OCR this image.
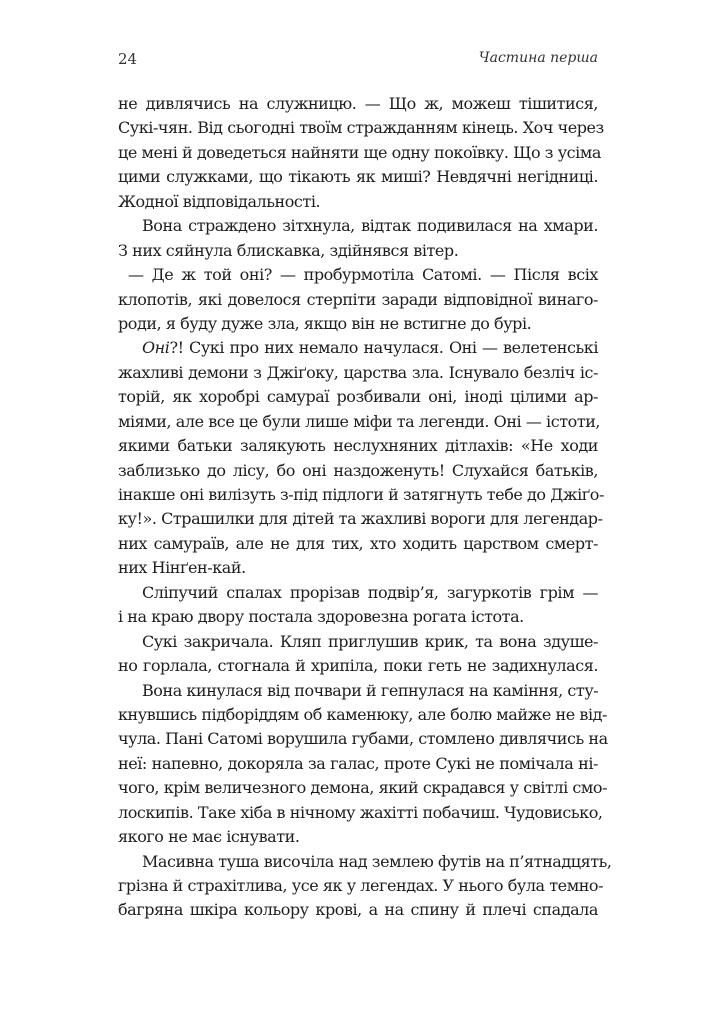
24	Частина перша
не дивлячись на служницю. — Що ж, можеш тішитися,
Сукі-чян. Від сьогодні твоїм стражданням кінець. Хоч через
це мені й доведеться найняти ще одну покоївку. Що з усіма
цими служками, що тікають як миші? Невдячні негідниці.
Жодної відповідальності.
Вона страждено зітхнула, відтак подивилася на хмари.
З них сяйнула блискавка, здійнявся вітер.
— Де ж той оні? — пробурмотіла Сатомі. — Після всіх
клопотів, які довелося стерпіти заради відповідної винаго-
роди, я буду дуже зла, якщо він не встигне до бурі.
Оні?! Сукі про них немало начулася. Оні — велетенські
жахливі демони з Джіґоку, царства зла. Існувало безліч іс-
торій, як хоробрі самураї розбивали оні, іноді цілими ар-
міями, але все це були лише міфи та легенди. Оні — істоти,
якими батьки залякують неслухняних дітлахів: «Не ходи
заблизько до лісу, бо оні наздоженуть! Слухайся батьків,
інакше оні вилізуть з-під підлоги й затягнуть тебе до Джіґо-
ку!». Страшилки для дітей та жахливі вороги для легендар-
них самураїв, але не для тих, хто ходить царством смерт-
них Нінґен-кай.
Сліпучий спалах прорізав подвір’я, загуркотів грім —
і на краю двору постала здоровезна рогата істота.
Сукі закричала. Кляп приглушив крик, та вона здушe-
но горлала, стогнала й хрипіла, поки геть не задихнулася.
Вона кинулася від почвари й гепнулася на каміння, сту-
кнувшись підборіддям об каменюку, але болю майже не від-
чула. Пані Сатомі ворушила губами, стомлено дивлячись на
неї: напевно, докоряла за галас, проте Сукі не помічала ні-
чого, крім величезного демона, який скрадався у світлі смо-
лоскипів. Таке хіба в нічному жахітті побачиш. Чудовисько,
якого не має існувати.
Масивна туша височіла над землею футів на п’ятнадцять,
грізна й страхітлива, усе як у легендах. У нього була темно-
багряна шкіра кольору крові, а на спину й плечі спадала
